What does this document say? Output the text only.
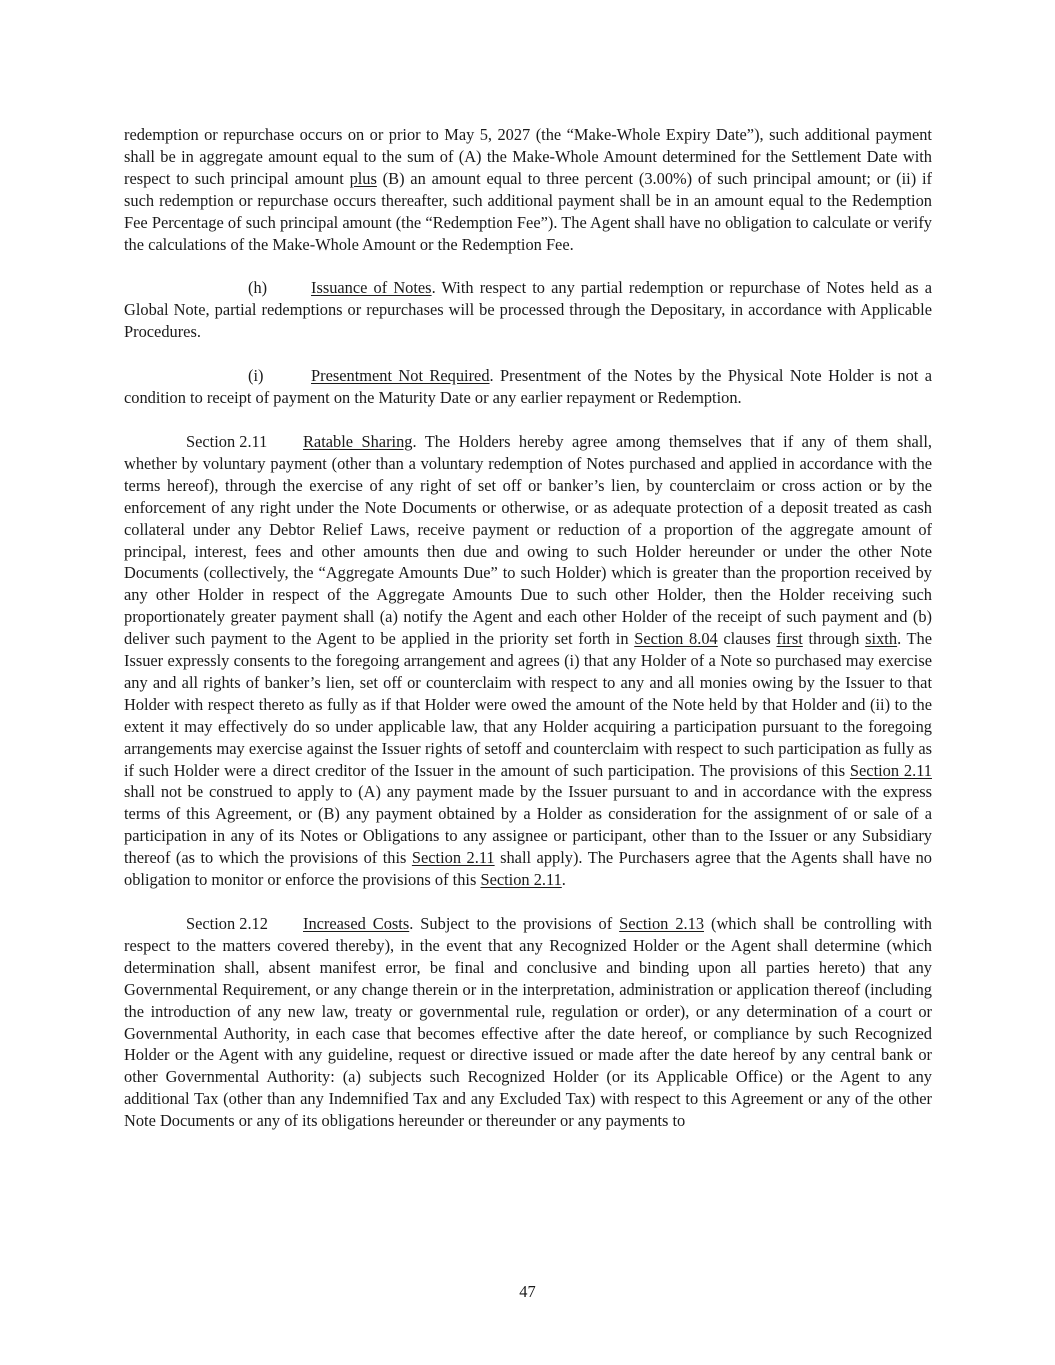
redemption or repurchase occurs on or prior to May 5, 2027 (the “Make-Whole Expiry Date”), such additional payment shall be in aggregate amount equal to the sum of (A) the Make-Whole Amount determined for the Settlement Date with respect to such principal amount plus (B) an amount equal to three percent (3.00%) of such principal amount; or (ii) if such redemption or repurchase occurs thereafter, such additional payment shall be in an amount equal to the Redemption Fee Percentage of such principal amount (the “Redemption Fee”). The Agent shall have no obligation to calculate or verify the calculations of the Make-Whole Amount or the Redemption Fee.

(h)	Issuance of Notes. With respect to any partial redemption or repurchase of Notes held as a Global Note, partial redemptions or repurchases will be processed through the Depositary, in accordance with Applicable Procedures.

(i)	Presentment Not Required. Presentment of the Notes by the Physical Note Holder is not a condition to receipt of payment on the Maturity Date or any earlier repayment or Redemption.

Section 2.11 Ratable Sharing. The Holders hereby agree among themselves that if any of them shall, whether by voluntary payment (other than a voluntary redemption of Notes purchased and applied in accordance with the terms hereof), through the exercise of any right of set off or banker’s lien, by counterclaim or cross action or by the enforcement of any right under the Note Documents or otherwise, or as adequate protection of a deposit treated as cash collateral under any Debtor Relief Laws, receive payment or reduction of a proportion of the aggregate amount of principal, interest, fees and other amounts then due and owing to such Holder hereunder or under the other Note Documents (collectively, the “Aggregate Amounts Due” to such Holder) which is greater than the proportion received by any other Holder in respect of the Aggregate Amounts Due to such other Holder, then the Holder receiving such proportionately greater payment shall (a) notify the Agent and each other Holder of the receipt of such payment and (b) deliver such payment to the Agent to be applied in the priority set forth in Section 8.04 clauses first through sixth. The Issuer expressly consents to the foregoing arrangement and agrees (i) that any Holder of a Note so purchased may exercise any and all rights of banker’s lien, set off or counterclaim with respect to any and all monies owing by the Issuer to that Holder with respect thereto as fully as if that Holder were owed the amount of the Note held by that Holder and (ii) to the extent it may effectively do so under applicable law, that any Holder acquiring a participation pursuant to the foregoing arrangements may exercise against the Issuer rights of setoff and counterclaim with respect to such participation as fully as if such Holder were a direct creditor of the Issuer in the amount of such participation. The provisions of this Section 2.11 shall not be construed to apply to (A) any payment made by the Issuer pursuant to and in accordance with the express terms of this Agreement, or (B) any payment obtained by a Holder as consideration for the assignment of or sale of a participation in any of its Notes or Obligations to any assignee or participant, other than to the Issuer or any Subsidiary thereof (as to which the provisions of this Section 2.11 shall apply). The Purchasers agree that the Agents shall have no obligation to monitor or enforce the provisions of this Section 2.11.

Section 2.12 Increased Costs. Subject to the provisions of Section 2.13 (which shall be controlling with respect to the matters covered thereby), in the event that any Recognized Holder or the Agent shall determine (which determination shall, absent manifest error, be final and conclusive and binding upon all parties hereto) that any Governmental Requirement, or any change therein or in the interpretation, administration or application thereof (including the introduction of any new law, treaty or governmental rule, regulation or order), or any determination of a court or Governmental Authority, in each case that becomes effective after the date hereof, or compliance by such Recognized Holder or the Agent with any guideline, request or directive issued or made after the date hereof by any central bank or other Governmental Authority: (a) subjects such Recognized Holder (or its Applicable Office) or the Agent to any additional Tax (other than any Indemnified Tax and any Excluded Tax) with respect to this Agreement or any of the other Note Documents or any of its obligations hereunder or thereunder or any payments to

47
